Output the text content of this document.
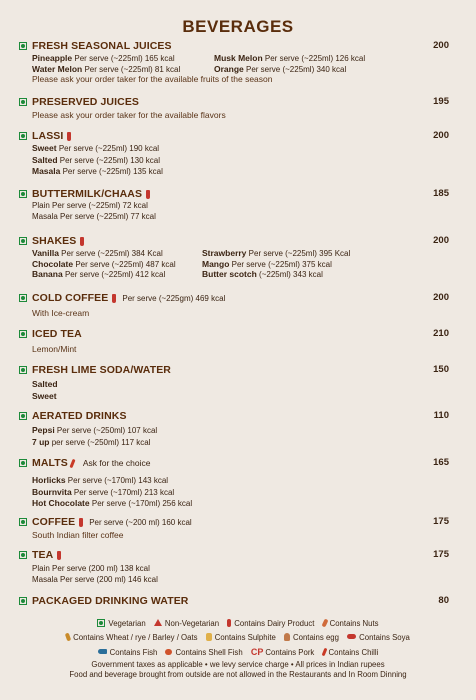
BEVERAGES
FRESH SEASONAL JUICES	200
Pineapple Per serve (~225ml) 165 kcal	Musk Melon Per serve (~225ml) 126 kcal
Water Melon Per serve (~225ml) 81 kcal	Orange Per serve (~225ml) 340 kcal
Please ask your order taker for the available fruits of the season
PRESERVED JUICES	195
Please ask your order taker for the available flavors
LASSI	200
Sweet Per serve (~225ml) 190 kcal
Salted Per serve (~225ml) 130 kcal
Masala Per serve (~225ml) 135 kcal
BUTTERMILK/CHAAS	185
Plain Per serve (~225ml) 72 kcal
Masala Per serve (~225ml) 77 kcal
SHAKES	200
Vanilla Per serve (~225ml) 384 Kcal	Strawberry Per serve (~225ml) 395 Kcal
Chocolate Per serve (~225ml) 487 kcal	Mango Per serve (~225ml) 375 kcal
Banana Per serve (~225ml) 412 kcal	Butter scotch (~225ml) 343 kcal
COLD COFFEE Per serve (~225gm) 469 kcal	200
With Ice-cream
ICED TEA	210
Lemon/Mint
FRESH LIME SODA/WATER	150
Salted
Sweet
AERATED DRINKS	110
Pepsi Per serve (~250ml) 107 kcal
7 up per serve (~250ml) 117 kcal
MALTS Ask for the choice	165
Horlicks Per serve (~170ml) 143 kcal
Bournvita Per serve (~170ml) 213 kcal
Hot Chocolate Per serve (~170ml) 256 kcal
COFFEE Per serve (~200 ml) 160 kcal	175
South Indian filter coffee
TEA	175
Plain Per serve (200 ml) 138 kcal
Masala Per serve (200 ml) 146 kcal
PACKAGED DRINKING WATER	80
Vegetarian Non-Vegetarian Contains Dairy Product Contains Nuts
Contains Wheat / rye / Barley / Oats Contains Sulphite Contains egg	Contains Soya
Contains Fish Contains Shell Fish CP Contains Pork Contains Chilli
Government taxes as applicable • we levy service charge • All prices in Indian rupees
Food and beverage brought from outside are not allowed in the Restaurants and In Room Dinning
